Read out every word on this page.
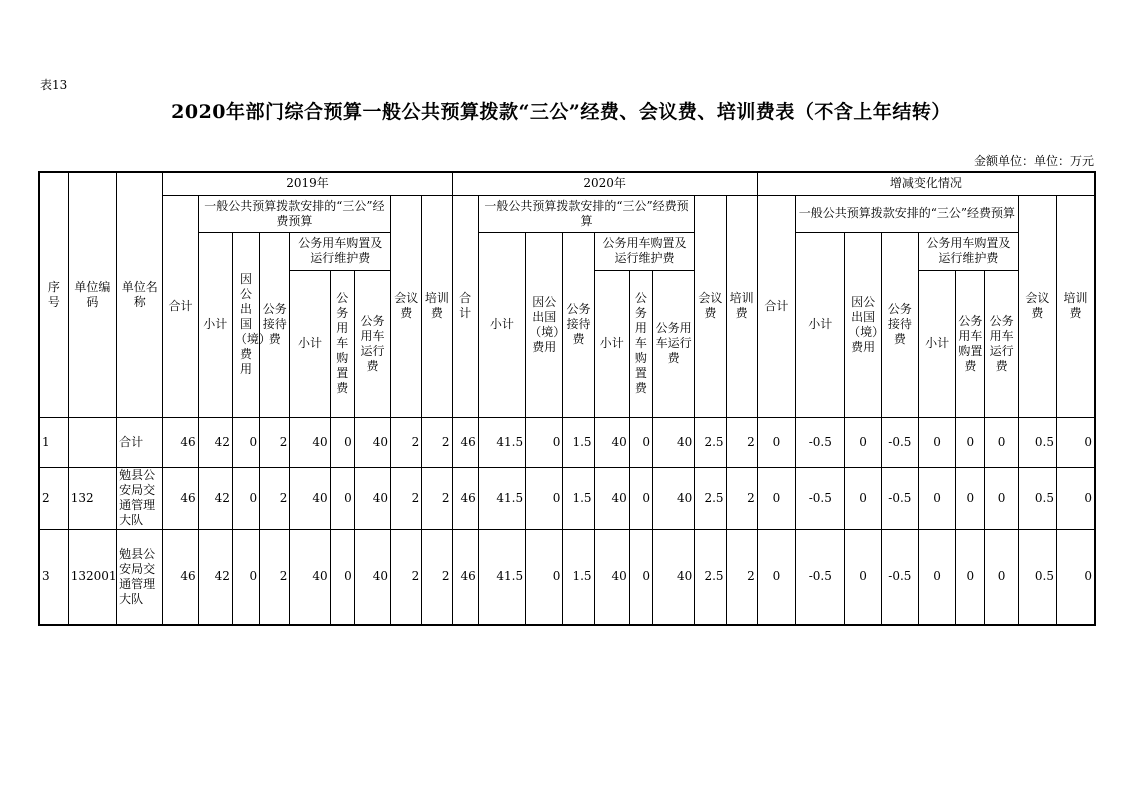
表13
2020年部门综合预算一般公共预算拨款“三公”经费、会议费、培训费表（不含上年结转）
金额单位：单位：万元
序号	单位编码	单位名称	2019年									2020年									增减变化情况								
			合计	一般公共预算拨款安排的“三公”经费预算						会议费	培训费	合计	一般公共预算拨款安排的“三公”经费预算						会议费	培训费	合计	一般公共预算拨款安排的“三公”经费预算						会议费	培训费
				小计	因公出国（境）费用	公务接待费	公务用车购置及运行维护费						小计	因公出国（境）费用	公务接待费	公务用车购置及运行维护费						小计	因公出国（境）费用	公务接待费	公务用车购置及运行维护费				
							小计	公务用车购置费	公务用车运行费							小计	公务用车购置费	公务用车运行费							小计	公务用车购置费	公务用车运行费		
1		合计	46	42	0	2	40	0	40	2	2	46	41.5	0	1.5	40	0	40	2.5	2	0	-0.5	0	-0.5	0	0	0	0.5	0
2	132	勉县公安局交通管理大队	46	42	0	2	40	0	40	2	2	46	41.5	0	1.5	40	0	40	2.5	2	0	-0.5	0	-0.5	0	0	0	0.5	0
3	132001	勉县公安局交通管理大队	46	42	0	2	40	0	40	2	2	46	41.5	0	1.5	40	0	40	2.5	2	0	-0.5	0	-0.5	0	0	0	0.5	0
